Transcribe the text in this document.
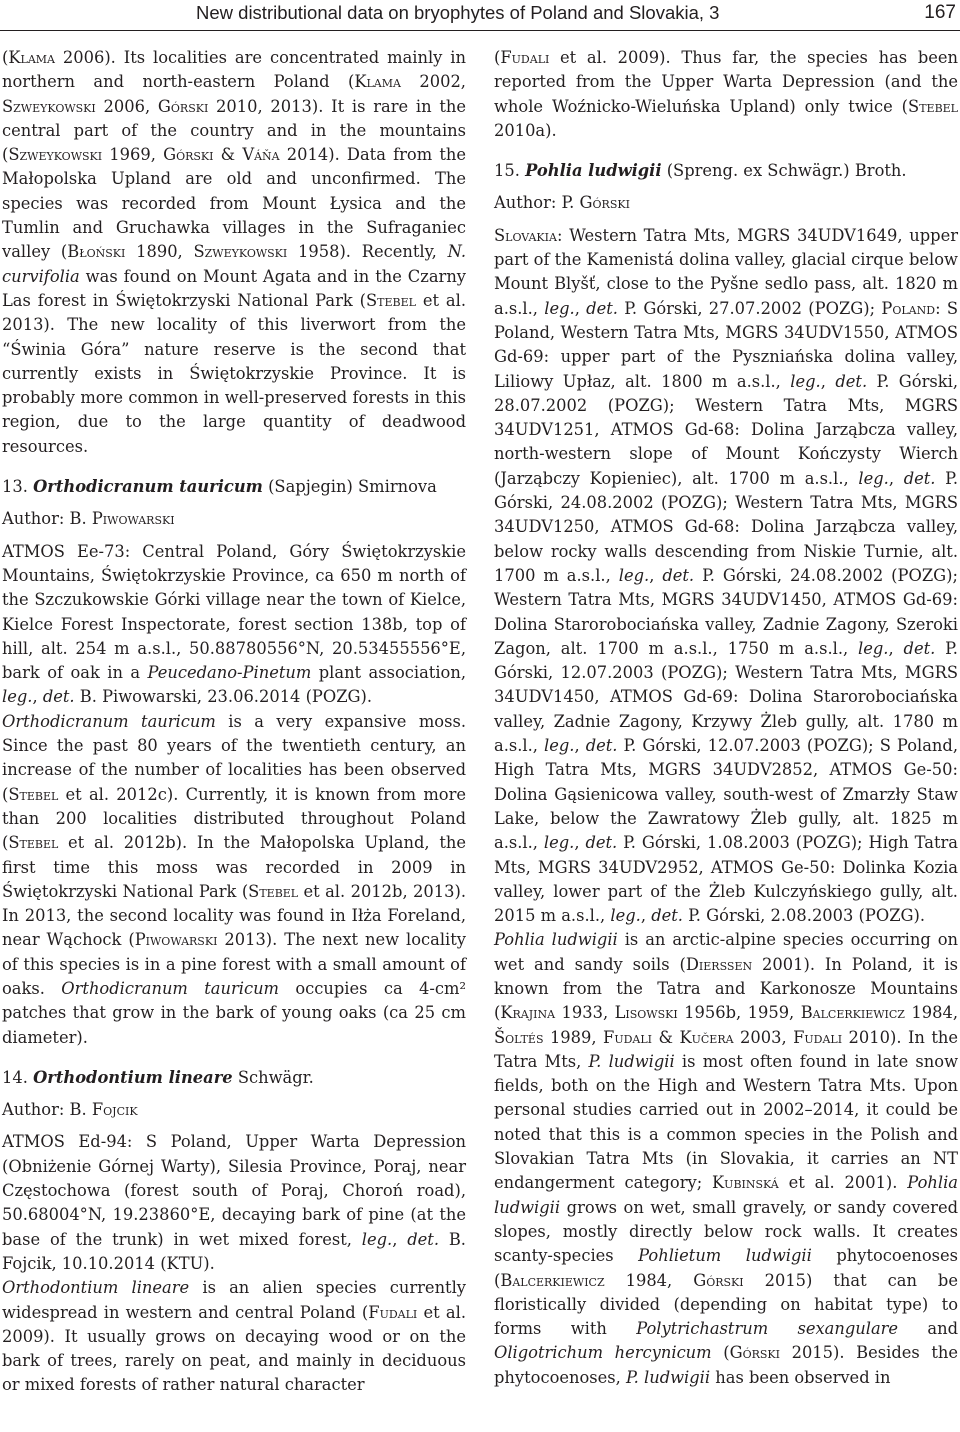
New distributional data on bryophytes of Poland and Slovakia, 3	167

(Klama 2006). Its localities are concentrated mainly in northern and north-eastern Poland (Klama 2002, Szweykowski 2006, Górski 2010, 2013). It is rare in the central part of the country and in the mountains (Szweykowski 1969, Górski & Váňa 2014). Data from the Małopolska Upland are old and unconfirmed. The species was recorded from Mount Łysica and the Tumlin and Gruchawka villages in the Sufraganiec valley (Błoński 1890, Szweykowski 1958). Recently, N. curvifolia was found on Mount Agata and in the Czarny Las forest in Świętokrzyski National Park (Stebel et al. 2013). The new locality of this liverwort from the “Świnia Góra” nature reserve is the second that currently exists in Świętokrzyskie Province. It is probably more common in well-preserved forests in this region, due to the large quantity of deadwood resources.

13. Orthodicranum tauricum (Sapjegin) Smirnova

Author: B. Piwowarski

ATMOS Ee-73: Central Poland, Góry Świętokrzyskie Mountains, Świętokrzyskie Province, ca 650 m north of the Szczukowskie Górki village near the town of Kielce, Kielce Forest Inspectorate, forest section 138b, top of hill, alt. 254 m a.s.l., 50.88780556°N, 20.53455556°E, bark of oak in a Peucedano-Pinetum plant association, leg., det. B. Piwowarski, 23.06.2014 (POZG).

Orthodicranum tauricum is a very expansive moss. Since the past 80 years of the twentieth century, an increase of the number of localities has been observed (Stebel et al. 2012c). Currently, it is known from more than 200 localities distributed throughout Poland (Stebel et al. 2012b). In the Małopolska Upland, the first time this moss was recorded in 2009 in Świętokrzyski National Park (Stebel et al. 2012b, 2013). In 2013, the second locality was found in Iłża Foreland, near Wąchock (Piwowarski 2013). The next new locality of this species is in a pine forest with a small amount of oaks. Orthodicranum tauricum occupies ca 4-cm² patches that grow in the bark of young oaks (ca 25 cm diameter).

14. Orthodontium lineare Schwägr.

Author: B. Fojcik

ATMOS Ed-94: S Poland, Upper Warta Depression (Obniżenie Górnej Warty), Silesia Province, Poraj, near Częstochowa (forest south of Poraj, Choroń road), 50.68004°N, 19.23860°E, decaying bark of pine (at the base of the trunk) in wet mixed forest, leg., det. B. Fojcik, 10.10.2014 (KTU).

Orthodontium lineare is an alien species currently widespread in western and central Poland (Fudali et al. 2009). It usually grows on decaying wood or on the bark of trees, rarely on peat, and mainly in deciduous or mixed forests of rather natural character

(Fudali et al. 2009). Thus far, the species has been reported from the Upper Warta Depression (and the whole Woźnicko-Wieluńska Upland) only twice (Stebel 2010a).

15. Pohlia ludwigii (Spreng. ex Schwägr.) Broth.

Author: P. Górski

Slovakia: Western Tatra Mts, MGRS 34UDV1649, upper part of the Kamenistá dolina valley, glacial cirque below Mount Blyšť, close to the Pyšne sedlo pass, alt. 1820 m a.s.l., leg., det. P. Górski, 27.07.2002 (POZG); Poland: S Poland, Western Tatra Mts, MGRS 34UDV1550, ATMOS Gd-69: upper part of the Pyszniańska dolina valley, Liliowy Upłaz, alt. 1800 m a.s.l., leg., det. P. Górski, 28.07.2002 (POZG); Western Tatra Mts, MGRS 34UDV1251, ATMOS Gd-68: Dolina Jarząbcza valley, north-western slope of Mount Kończysty Wierch (Jarząbczy Kopieniec), alt. 1700 m a.s.l., leg., det. P. Górski, 24.08.2002 (POZG); Western Tatra Mts, MGRS 34UDV1250, ATMOS Gd-68: Dolina Jarząbcza valley, below rocky walls descending from Niskie Turnie, alt. 1700 m a.s.l., leg., det. P. Górski, 24.08.2002 (POZG); Western Tatra Mts, MGRS 34UDV1450, ATMOS Gd-69: Dolina Starorobociańska valley, Zadnie Zagony, Szeroki Zagon, alt. 1700 m a.s.l., 1750 m a.s.l., leg., det. P. Górski, 12.07.2003 (POZG); Western Tatra Mts, MGRS 34UDV1450, ATMOS Gd-69: Dolina Starorobociańska valley, Zadnie Zagony, Krzywy Żleb gully, alt. 1780 m a.s.l., leg., det. P. Górski, 12.07.2003 (POZG); S Poland, High Tatra Mts, MGRS 34UDV2852, ATMOS Ge-50: Dolina Gąsienicowa valley, south-west of Zmarzły Staw Lake, below the Zawratowy Żleb gully, alt. 1825 m a.s.l., leg., det. P. Górski, 1.08.2003 (POZG); High Tatra Mts, MGRS 34UDV2952, ATMOS Ge-50: Dolinka Kozia valley, lower part of the Żleb Kulczyńskiego gully, alt. 2015 m a.s.l., leg., det. P. Górski, 2.08.2003 (POZG).

Pohlia ludwigii is an arctic-alpine species occurring on wet and sandy soils (Dierssen 2001). In Poland, it is known from the Tatra and Karkonosze Mountains (Krajina 1933, Lisowski 1956b, 1959, Balcerkiewicz 1984, Šoltés 1989, Fudali & Kučera 2003, Fudali 2010). In the Tatra Mts, P. ludwigii is most often found in late snow fields, both on the High and Western Tatra Mts. Upon personal studies carried out in 2002–2014, it could be noted that this is a common species in the Polish and Slovakian Tatra Mts (in Slovakia, it carries an NT endangerment category; Kubinská et al. 2001). Pohlia ludwigii grows on wet, small gravely, or sandy covered slopes, mostly directly below rock walls. It creates scanty-species Pohlietum ludwigii phytocoenoses (Balcerkiewicz 1984, Górski 2015) that can be floristically divided (depending on habitat type) to forms with Polytrichastrum sexangulare and Oligotrichum hercynicum (Górski 2015). Besides the phytocoenoses, P. ludwigii has been observed in
